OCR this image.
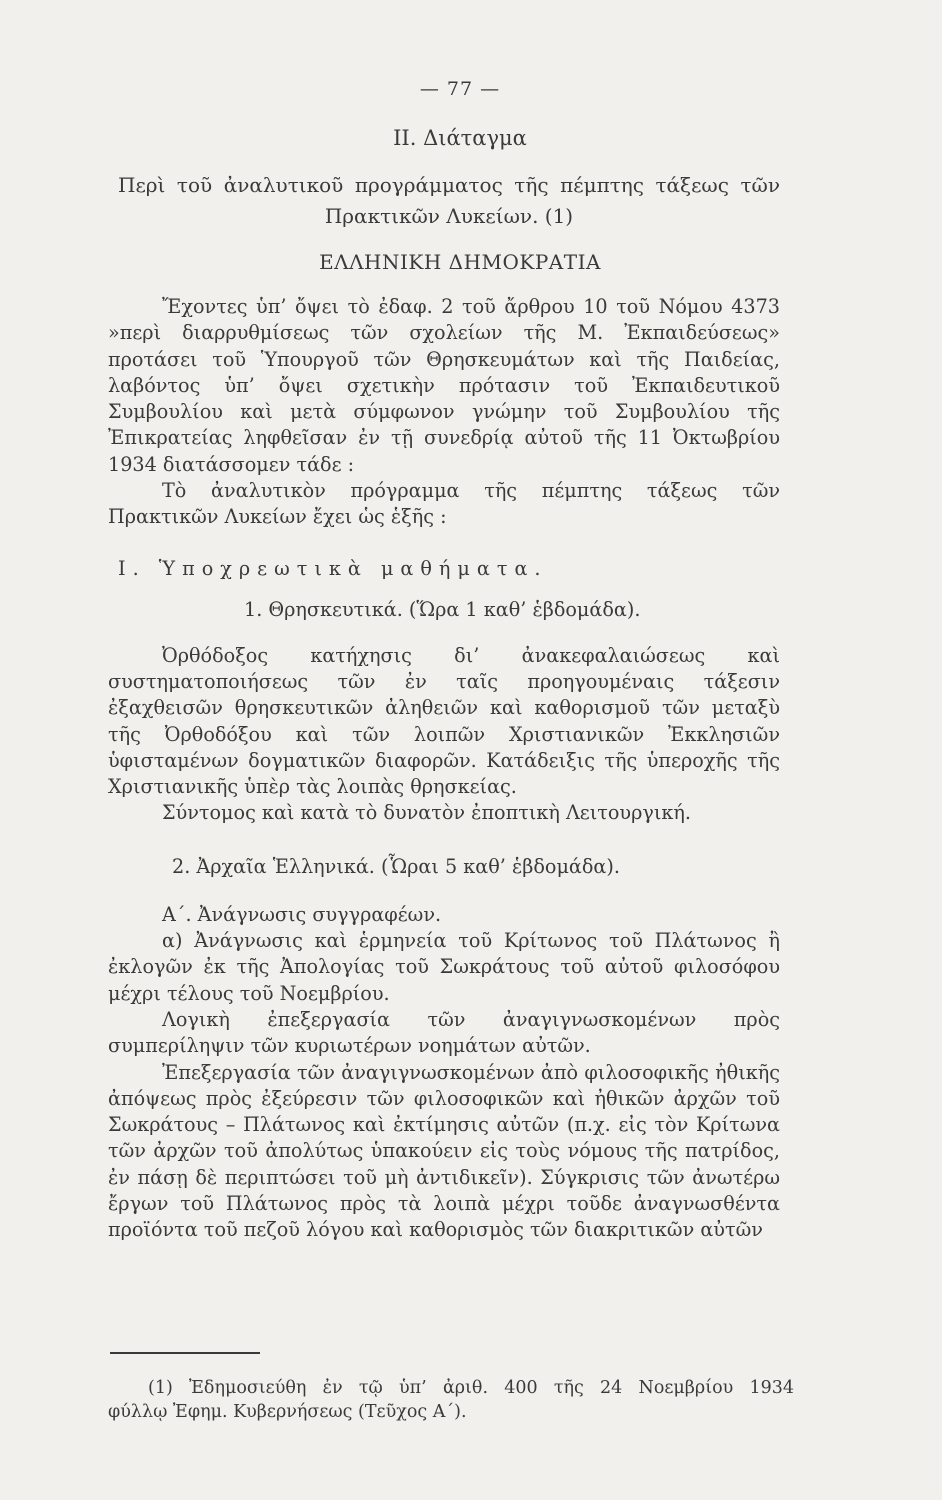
— 77 —
II. Διάταγμα
Περὶ τοῦ ἀναλυτικοῦ προγράμματος τῆς πέμπτης τάξεως τῶν Πρακτικῶν Λυκείων. (1)
ΕΛΛΗΝΙΚΗ ΔΗΜΟΚΡΑΤΙΑ

Ἔχοντες ὑπ’ ὄψει τὸ ἐδαφ. 2 τοῦ ἄρθρου 10 τοῦ Νόμου 4373 »περὶ διαρρυθμίσεως τῶν σχολείων τῆς Μ. Ἐκπαιδεύσεως» προτάσει τοῦ Ὑπουργοῦ τῶν Θρησκευμάτων καὶ τῆς Παιδείας, λαβόντος ὑπ’ ὄψει σχετικὴν πρότασιν τοῦ Ἐκπαιδευτικοῦ Συμβουλίου καὶ μετὰ σύμφωνον γνώμην τοῦ Συμβουλίου τῆς Ἐπικρατείας ληφθεῖσαν ἐν τῇ συνεδρίᾳ αὐτοῦ τῆς 11 Ὀκτωβρίου 1934 διατάσσομεν τάδε :

Τὸ ἀναλυτικὸν πρόγραμμα τῆς πέμπτης τάξεως τῶν Πρακτικῶν Λυκείων ἔχει ὡς ἑξῆς :

Ι. Ὑποχρεωτικὰ μαθήματα.
1. Θρησκευτικά. (Ὥρα 1 καθ’ ἑβδομάδα).

Ὀρθόδοξος κατήχησις δι’ ἀνακεφαλαιώσεως καὶ συστηματοποιήσεως τῶν ἐν ταῖς προηγουμέναις τάξεσιν ἐξαχθεισῶν θρησκευτικῶν ἀληθειῶν καὶ καθορισμοῦ τῶν μεταξὺ τῆς Ὀρθοδόξου καὶ τῶν λοιπῶν Χριστιανικῶν Ἐκκλησιῶν ὑφισταμένων δογματικῶν διαφορῶν. Κατάδειξις τῆς ὑπεροχῆς τῆς Χριστιανικῆς ὑπὲρ τὰς λοιπὰς θρησκείας.

Σύντομος καὶ κατὰ τὸ δυνατὸν ἐποπτικὴ Λειτουργική.

2. Ἀρχαῖα Ἑλληνικά. (Ὧραι 5 καθ’ ἑβδομάδα).

Α΄. Ἀνάγνωσις συγγραφέων.

α) Ἀνάγνωσις καὶ ἑρμηνεία τοῦ Κρίτωνος τοῦ Πλάτωνος ἢ ἐκλογῶν ἐκ τῆς Ἀπολογίας τοῦ Σωκράτους τοῦ αὐτοῦ φιλοσόφου μέχρι τέλους τοῦ Νοεμβρίου.

Λογικὴ ἐπεξεργασία τῶν ἀναγιγνωσκομένων πρὸς συμπερίληψιν τῶν κυριωτέρων νοημάτων αὐτῶν.

Ἐπεξεργασία τῶν ἀναγιγνωσκομένων ἀπὸ φιλοσοφικῆς ἠθικῆς ἀπόψεως πρὸς ἐξεύρεσιν τῶν φιλοσοφικῶν καὶ ἠθικῶν ἀρχῶν τοῦ Σωκράτους – Πλάτωνος καὶ ἐκτίμησις αὐτῶν (π.χ. εἰς τὸν Κρίτωνα τῶν ἀρχῶν τοῦ ἀπολύτως ὑπακούειν εἰς τοὺς νόμους τῆς πατρίδος, ἐν πάσῃ δὲ περιπτώσει τοῦ μὴ ἀντιδικεῖν). Σύγκρισις τῶν ἀνωτέρω ἔργων τοῦ Πλάτωνος πρὸς τὰ λοιπὰ μέχρι τοῦδε ἀναγνωσθέντα προϊόντα τοῦ πεζοῦ λόγου καὶ καθορισμὸς τῶν διακριτικῶν αὐτῶν

(1) Ἐδημοσιεύθη ἐν τῷ ὑπ’ ἀριθ. 400 τῆς 24 Νοεμβρίου 1934
φύλλῳ Ἐφημ. Κυβερνήσεως (Τεῦχος Α΄).
